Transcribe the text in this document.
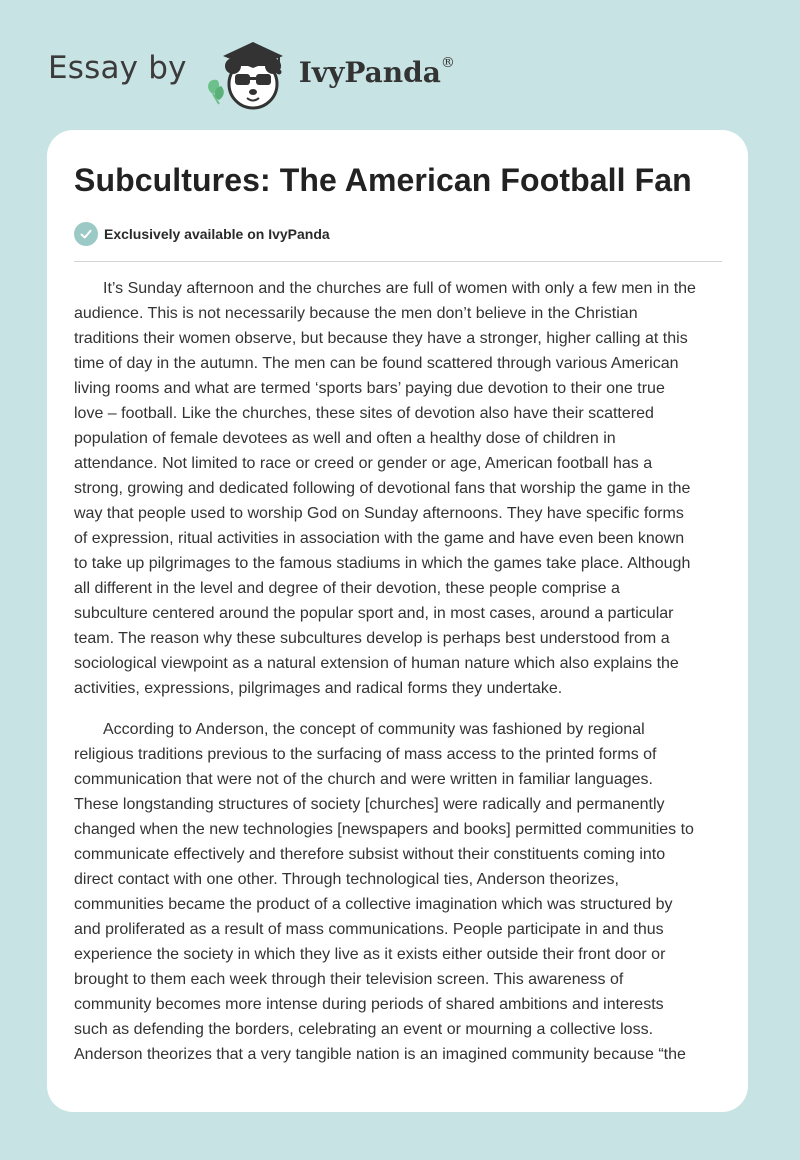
Essay by	IvyPanda®
Subcultures: The American Football Fan
Exclusively available on IvyPanda

It’s Sunday afternoon and the churches are full of women with only a few men in the
audience. This is not necessarily because the men don’t believe in the Christian
traditions their women observe, but because they have a stronger, higher calling at this
time of day in the autumn. The men can be found scattered through various American
living rooms and what are termed ‘sports bars’ paying due devotion to their one true
love – football. Like the churches, these sites of devotion also have their scattered
population of female devotees as well and often a healthy dose of children in
attendance. Not limited to race or creed or gender or age, American football has a
strong, growing and dedicated following of devotional fans that worship the game in the
way that people used to worship God on Sunday afternoons. They have specific forms
of expression, ritual activities in association with the game and have even been known
to take up pilgrimages to the famous stadiums in which the games take place. Although
all different in the level and degree of their devotion, these people comprise a
subculture centered around the popular sport and, in most cases, around a particular
team. The reason why these subcultures develop is perhaps best understood from a
sociological viewpoint as a natural extension of human nature which also explains the
activities, expressions, pilgrimages and radical forms they undertake.

According to Anderson, the concept of community was fashioned by regional
religious traditions previous to the surfacing of mass access to the printed forms of
communication that were not of the church and were written in familiar languages.
These longstanding structures of society [churches] were radically and permanently
changed when the new technologies [newspapers and books] permitted communities to
communicate effectively and therefore subsist without their constituents coming into
direct contact with one other. Through technological ties, Anderson theorizes,
communities became the product of a collective imagination which was structured by
and proliferated as a result of mass communications. People participate in and thus
experience the society in which they live as it exists either outside their front door or
brought to them each week through their television screen. This awareness of
community becomes more intense during periods of shared ambitions and interests
such as defending the borders, celebrating an event or mourning a collective loss.
Anderson theorizes that a very tangible nation is an imagined community because “the
